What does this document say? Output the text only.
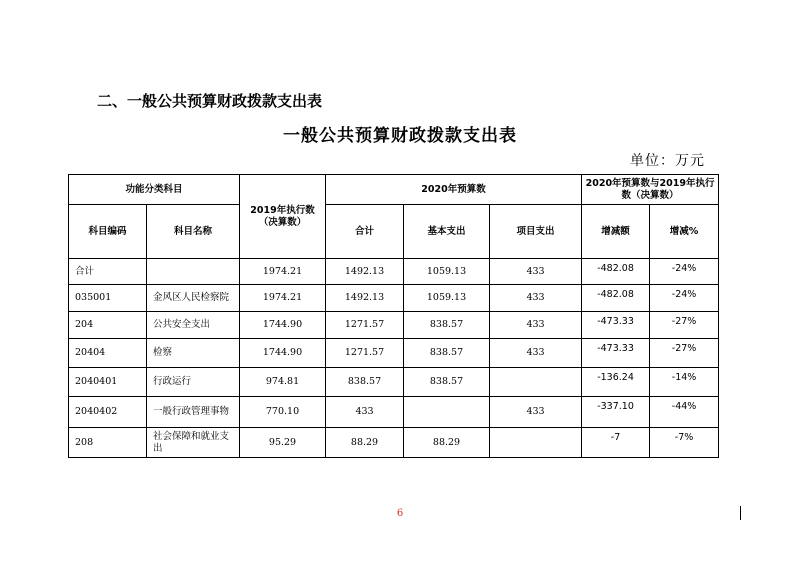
二、一般公共预算财政拨款支出表
一般公共预算财政拨款支出表
单位：万元
功能分类科目		2019年执行数（决算数）	2020年预算数			2020年预算数与2019年执行数（决算数）	
科目编码	科目名称		合计	基本支出	项目支出	增减额	增减%
合计		1974.21	1492.13	1059.13	433	-482.08	-24%
035001	金风区人民检察院	1974.21	1492.13	1059.13	433	-482.08	-24%
204	公共安全支出	1744.90	1271.57	838.57	433	-473.33	-27%
20404	检察	1744.90	1271.57	838.57	433	-473.33	-27%
2040401	行政运行	974.81	838.57	838.57		-136.24	-14%
2040402	一般行政管理事物	770.10	433		433	-337.10	-44%
208	社会保障和就业支出	95.29	88.29	88.29		-7	-7%
6
